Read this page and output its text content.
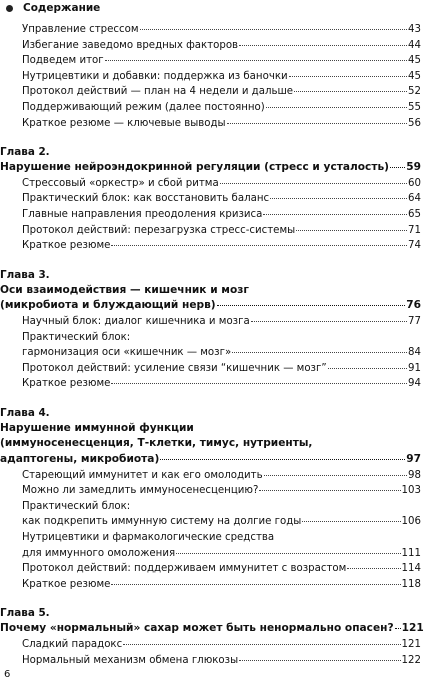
Содержание
Управление стрессом	43
Избегание заведомо вредных факторов	44
Подведем итог	45
Нутрицевтики и добавки: поддержка из баночки	45
Протокол действий — план на 4 недели и дальше	52
Поддерживающий режим (далее постоянно)	55
Краткое резюме — ключевые выводы	56
Глава 2.
Нарушение нейроэндокринной регуляции (стресс и усталость) 59
Стрессовый «оркестр» и сбой ритма	60
Практический блок: как восстановить баланс	64
Главные направления преодоления кризиса	65
Протокол действий: перезагрузка стресс-системы	71
Краткое резюме	74
Глава 3.
Оси взаимодействия — кишечник и мозг
(микробиота и блуждающий нерв)	76
Научный блок: диалог кишечника и мозга	77
Практический блок:
гармонизация оси «кишечник — мозг»	84
Протокол действий: усиление связи “кишечник — мозг”	91
Краткое резюме	94
Глава 4.
Нарушение иммунной функции
(иммуносенесценция, Т-клетки, тимус, нутриенты,
адаптогены, микробиота)	97
Стареющий иммунитет и как его омолодить	98
Можно ли замедлить иммуносенесценцию?	103
Практический блок:
как подкрепить иммунную систему на долгие годы	106
Нутрицевтики и фармакологические средства
для иммунного омоложения	111
Протокол действий: поддерживаем иммунитет с возрастом	114
Краткое резюме	118
Глава 5.
Почему «нормальный» сахар может быть ненормально опасен? 121
Сладкий парадокс	121
Нормальный механизм обмена глюкозы	122
6
